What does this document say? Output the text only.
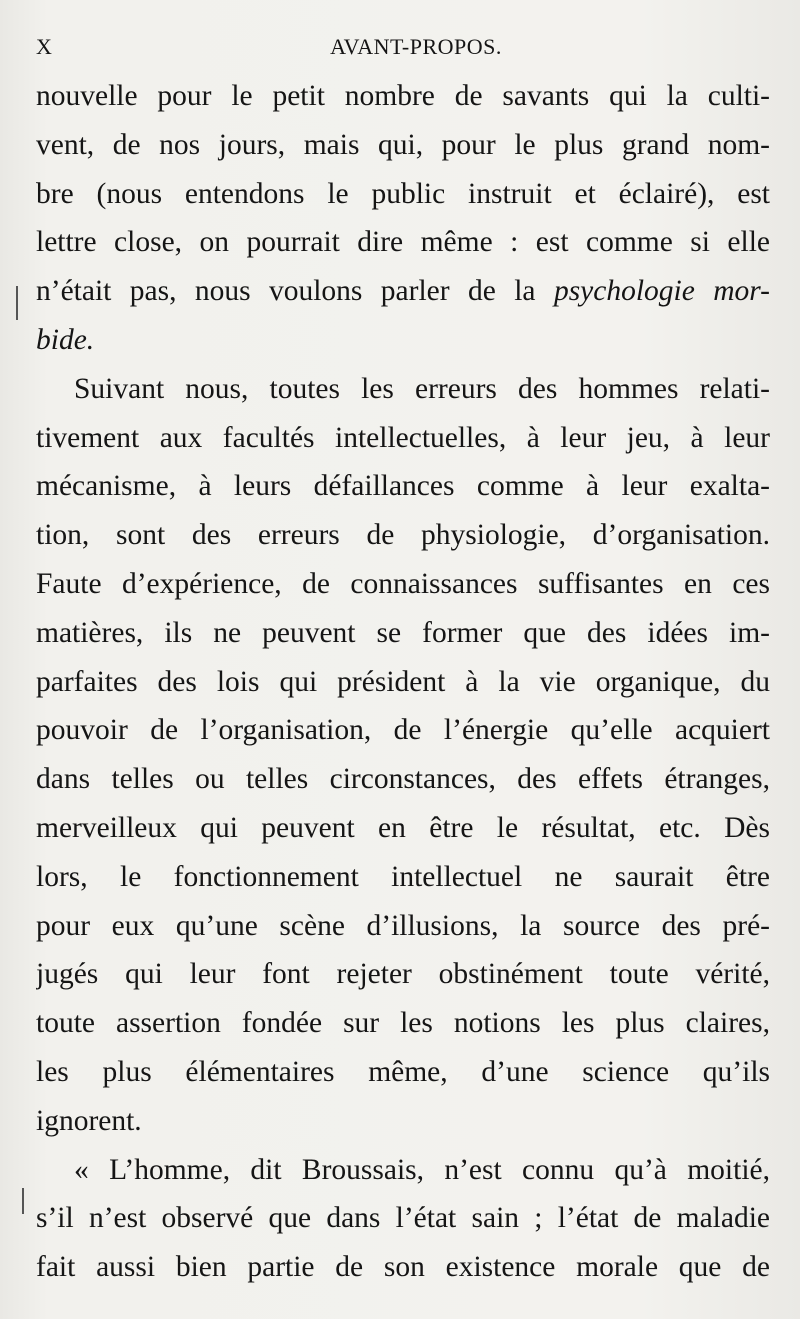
X	AVANT-PROPOS.
nouvelle pour le petit nombre de savants qui la culti-
vent, de nos jours, mais qui, pour le plus grand nom-
bre (nous entendons le public instruit et éclairé), est
lettre close, on pourrait dire même : est comme si elle
n’était pas, nous voulons parler de la psychologie mor-
bide.
Suivant nous, toutes les erreurs des hommes relati-
tivement aux facultés intellectuelles, à leur jeu, à leur
mécanisme, à leurs défaillances comme à leur exalta-
tion, sont des erreurs de physiologie, d’organisation.
Faute d’expérience, de connaissances suffisantes en ces
matières, ils ne peuvent se former que des idées im-
parfaites des lois qui président à la vie organique, du
pouvoir de l’organisation, de l’énergie qu’elle acquiert
dans telles ou telles circonstances, des effets étranges,
merveilleux qui peuvent en être le résultat, etc. Dès
lors, le fonctionnement intellectuel ne saurait être
pour eux qu’une scène d’illusions, la source des pré-
jugés qui leur font rejeter obstinément toute vérité,
toute assertion fondée sur les notions les plus claires,
les plus élémentaires même, d’une science qu’ils
ignorent.
« L’homme, dit Broussais, n’est connu qu’à moitié,
s’il n’est observé que dans l’état sain ; l’état de maladie
fait aussi bien partie de son existence morale que de
